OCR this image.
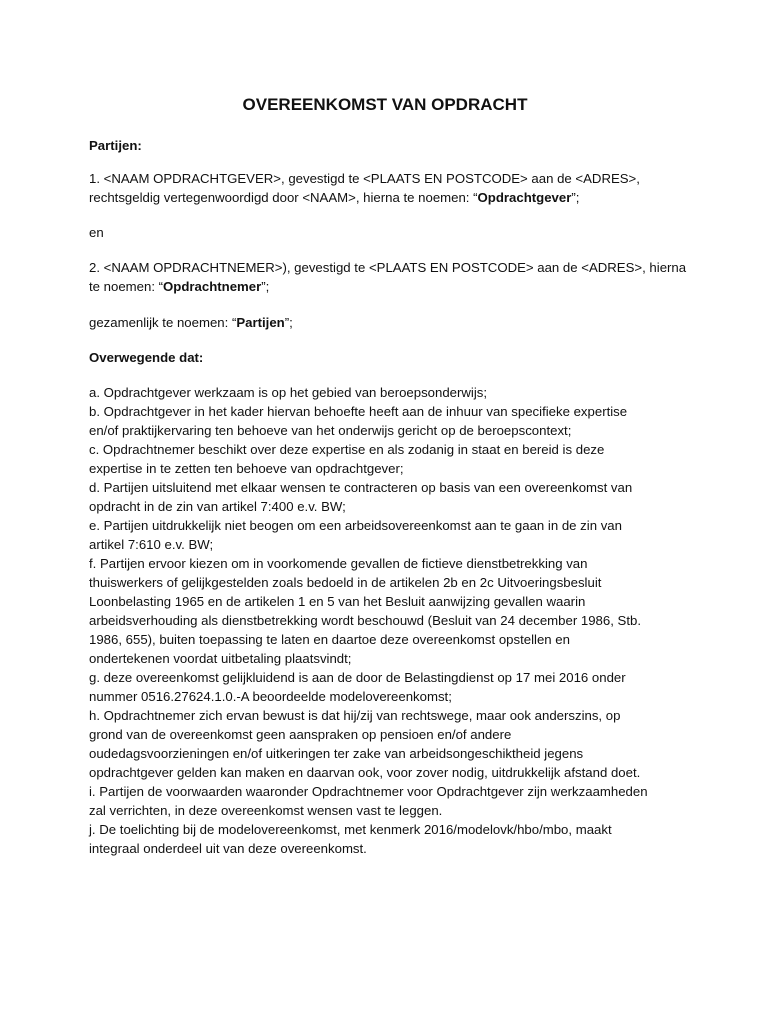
OVEREENKOMST VAN OPDRACHT
Partijen:
1. <NAAM OPDRACHTGEVER>, gevestigd te <PLAATS EN POSTCODE> aan de <ADRES>,
rechtsgeldig vertegenwoordigd door <NAAM>, hierna te noemen: “Opdrachtgever”;
en
2. <NAAM OPDRACHTNEMER>), gevestigd te <PLAATS EN POSTCODE> aan de <ADRES>, hierna
te noemen: “Opdrachtnemer”;
gezamenlijk te noemen: “Partijen”;
Overwegende dat:
a. Opdrachtgever werkzaam is op het gebied van beroepsonderwijs;
b. Opdrachtgever in het kader hiervan behoefte heeft aan de inhuur van specifieke expertise
en/of praktijkervaring ten behoeve van het onderwijs gericht op de beroepscontext;
c. Opdrachtnemer beschikt over deze expertise en als zodanig in staat en bereid is deze
expertise in te zetten ten behoeve van opdrachtgever;
d. Partijen uitsluitend met elkaar wensen te contracteren op basis van een overeenkomst van
opdracht in de zin van artikel 7:400 e.v. BW;
e. Partijen uitdrukkelijk niet beogen om een arbeidsovereenkomst aan te gaan in de zin van
artikel 7:610 e.v. BW;
f. Partijen ervoor kiezen om in voorkomende gevallen de fictieve dienstbetrekking van
thuiswerkers of gelijkgestelden zoals bedoeld in de artikelen 2b en 2c Uitvoeringsbesluit
Loonbelasting 1965 en de artikelen 1 en 5 van het Besluit aanwijzing gevallen waarin
arbeidsverhouding als dienstbetrekking wordt beschouwd (Besluit van 24 december 1986, Stb.
1986, 655), buiten toepassing te laten en daartoe deze overeenkomst opstellen en
ondertekenen voordat uitbetaling plaatsvindt;
g. deze overeenkomst gelijkluidend is aan de door de Belastingdienst op 17 mei 2016 onder
nummer 0516.27624.1.0.-A beoordeelde modelovereenkomst;
h. Opdrachtnemer zich ervan bewust is dat hij/zij van rechtswege, maar ook anderszins, op
grond van de overeenkomst geen aanspraken op pensioen en/of andere
oudedagsvoorzieningen en/of uitkeringen ter zake van arbeidsongeschiktheid jegens
opdrachtgever gelden kan maken en daarvan ook, voor zover nodig, uitdrukkelijk afstand doet.
i. Partijen de voorwaarden waaronder Opdrachtnemer voor Opdrachtgever zijn werkzaamheden
zal verrichten, in deze overeenkomst wensen vast te leggen.
j. De toelichting bij de modelovereenkomst, met kenmerk 2016/modelovk/hbo/mbo, maakt
integraal onderdeel uit van deze overeenkomst.
